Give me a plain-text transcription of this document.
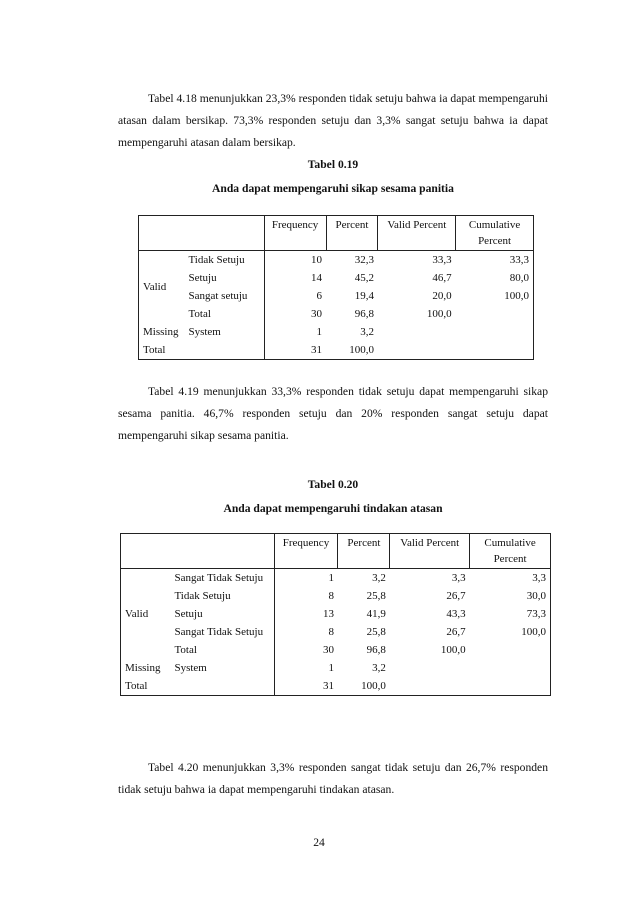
Tabel 4.18 menunjukkan 23,3% responden tidak setuju bahwa ia dapat mempengaruhi atasan dalam bersikap. 73,3% responden setuju dan 3,3% sangat setuju bahwa ia dapat mempengaruhi atasan dalam bersikap.

Tabel 0.19
Anda dapat mempengaruhi sikap sesama panitia
		Frequency	Percent	Valid Percent	Cumulative Percent
Valid	Tidak Setuju	10	32,3	33,3	33,3
	Setuju	14	45,2	46,7	80,0
	Sangat setuju	6	19,4	20,0	100,0
	Total	30	96,8	100,0	
Missing	System	1	3,2		
Total		31	100,0		

Tabel 4.19 menunjukkan 33,3% responden tidak setuju dapat mempengaruhi sikap sesama panitia. 46,7% responden setuju dan 20% responden sangat setuju dapat mempengaruhi sikap sesama panitia.

Tabel 0.20
Anda dapat mempengaruhi tindakan atasan
		Frequency	Percent	Valid Percent	Cumulative Percent
Valid	Sangat Tidak Setuju	1	3,2	3,3	3,3
	Tidak Setuju	8	25,8	26,7	30,0
	Setuju	13	41,9	43,3	73,3
	Sangat Tidak Setuju	8	25,8	26,7	100,0
	Total	30	96,8	100,0	
Missing	System	1	3,2		
Total		31	100,0		

Tabel 4.20 menunjukkan 3,3% responden sangat tidak setuju dan 26,7% responden tidak setuju bahwa ia dapat mempengaruhi tindakan atasan.

24
